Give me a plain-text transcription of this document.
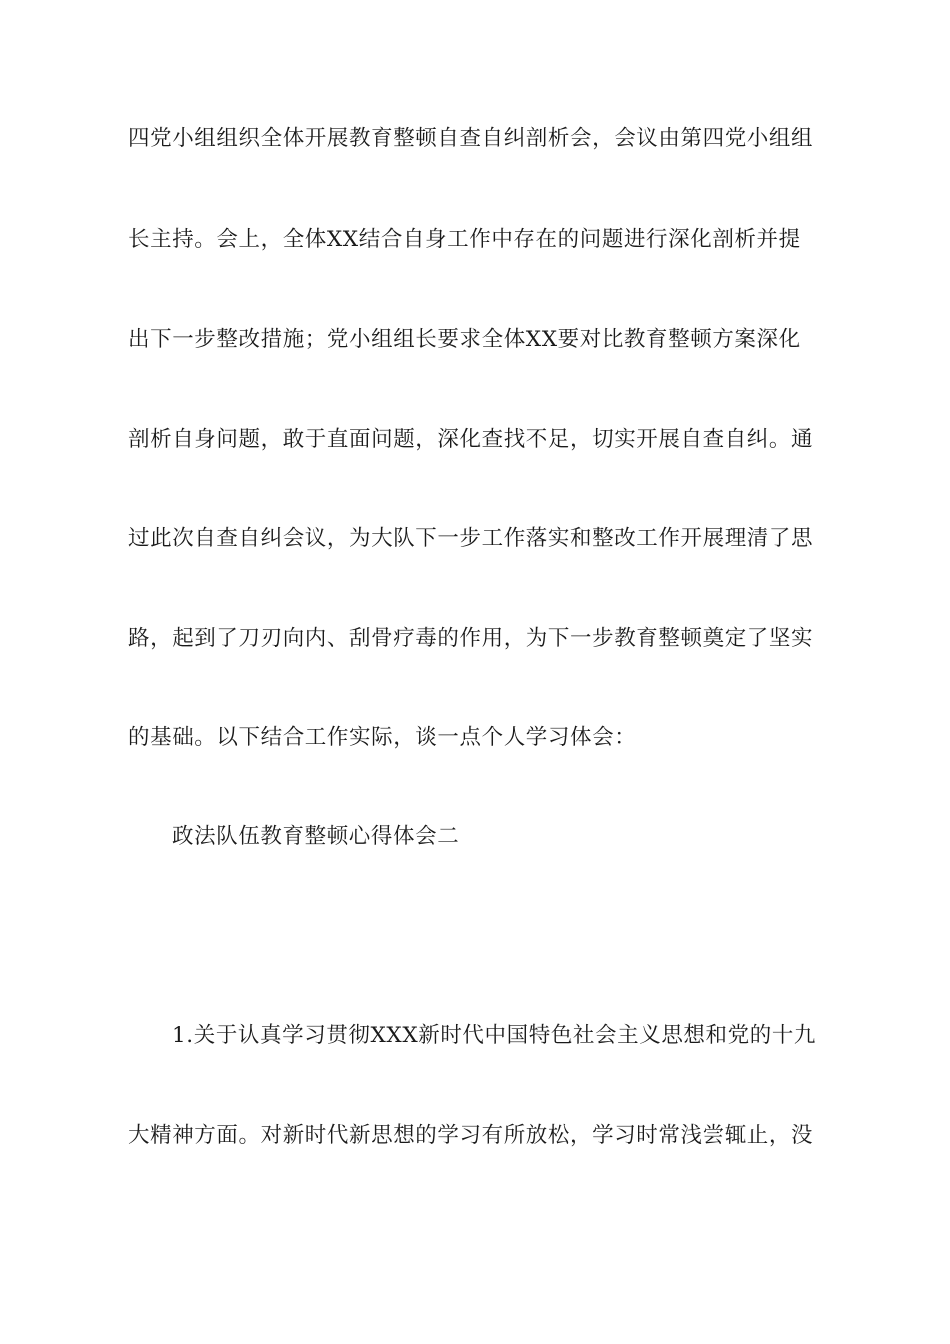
四党小组组织全体开展教育整顿自查自纠剖析会，会议由第四党小组组
长主持。会上，全体XX结合自身工作中存在的问题进行深化剖析并提
出下一步整改措施；党小组组长要求全体XX要对比教育整顿方案深化
剖析自身问题，敢于直面问题，深化查找不足，切实开展自查自纠。通
过此次自查自纠会议，为大队下一步工作落实和整改工作开展理清了思
路，起到了刀刃向内、刮骨疗毒的作用，为下一步教育整顿奠定了坚实
的基础。以下结合工作实际，谈一点个人学习体会：
政法队伍教育整顿心得体会二
1.关于认真学习贯彻XXX新时代中国特色社会主义思想和党的十九
大精神方面。对新时代新思想的学习有所放松，学习时常浅尝辄止，没
